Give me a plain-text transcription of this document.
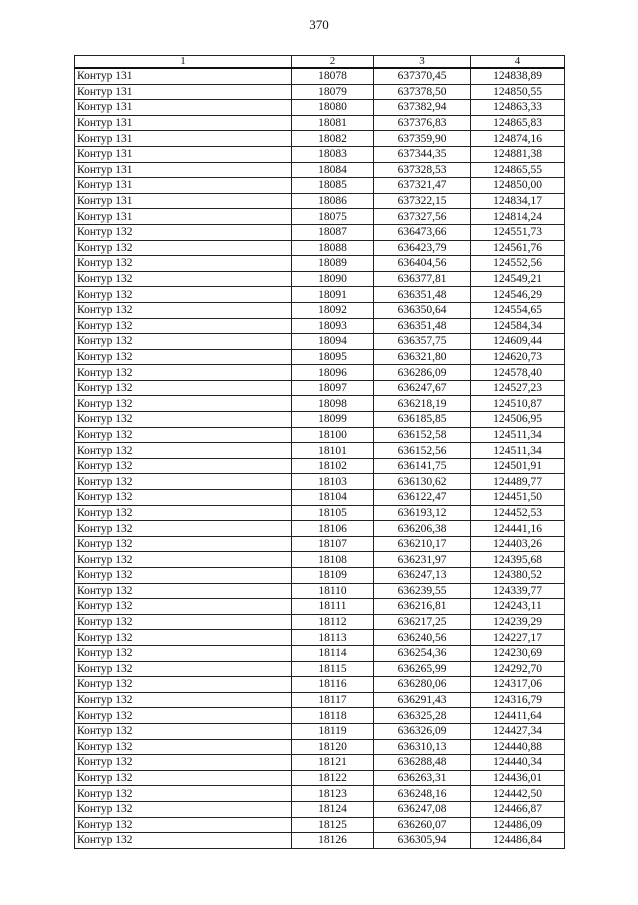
370
1	2	3	4
Контур 131	18078	637370,45	124838,89
Контур 131	18079	637378,50	124850,55
Контур 131	18080	637382,94	124863,33
Контур 131	18081	637376,83	124865,83
Контур 131	18082	637359,90	124874,16
Контур 131	18083	637344,35	124881,38
Контур 131	18084	637328,53	124865,55
Контур 131	18085	637321,47	124850,00
Контур 131	18086	637322,15	124834,17
Контур 131	18075	637327,56	124814,24
Контур 132	18087	636473,66	124551,73
Контур 132	18088	636423,79	124561,76
Контур 132	18089	636404,56	124552,56
Контур 132	18090	636377,81	124549,21
Контур 132	18091	636351,48	124546,29
Контур 132	18092	636350,64	124554,65
Контур 132	18093	636351,48	124584,34
Контур 132	18094	636357,75	124609,44
Контур 132	18095	636321,80	124620,73
Контур 132	18096	636286,09	124578,40
Контур 132	18097	636247,67	124527,23
Контур 132	18098	636218,19	124510,87
Контур 132	18099	636185,85	124506,95
Контур 132	18100	636152,58	124511,34
Контур 132	18101	636152,56	124511,34
Контур 132	18102	636141,75	124501,91
Контур 132	18103	636130,62	124489,77
Контур 132	18104	636122,47	124451,50
Контур 132	18105	636193,12	124452,53
Контур 132	18106	636206,38	124441,16
Контур 132	18107	636210,17	124403,26
Контур 132	18108	636231,97	124395,68
Контур 132	18109	636247,13	124380,52
Контур 132	18110	636239,55	124339,77
Контур 132	18111	636216,81	124243,11
Контур 132	18112	636217,25	124239,29
Контур 132	18113	636240,56	124227,17
Контур 132	18114	636254,36	124230,69
Контур 132	18115	636265,99	124292,70
Контур 132	18116	636280,06	124317,06
Контур 132	18117	636291,43	124316,79
Контур 132	18118	636325,28	124411,64
Контур 132	18119	636326,09	124427,34
Контур 132	18120	636310,13	124440,88
Контур 132	18121	636288,48	124440,34
Контур 132	18122	636263,31	124436,01
Контур 132	18123	636248,16	124442,50
Контур 132	18124	636247,08	124466,87
Контур 132	18125	636260,07	124486,09
Контур 132	18126	636305,94	124486,84
